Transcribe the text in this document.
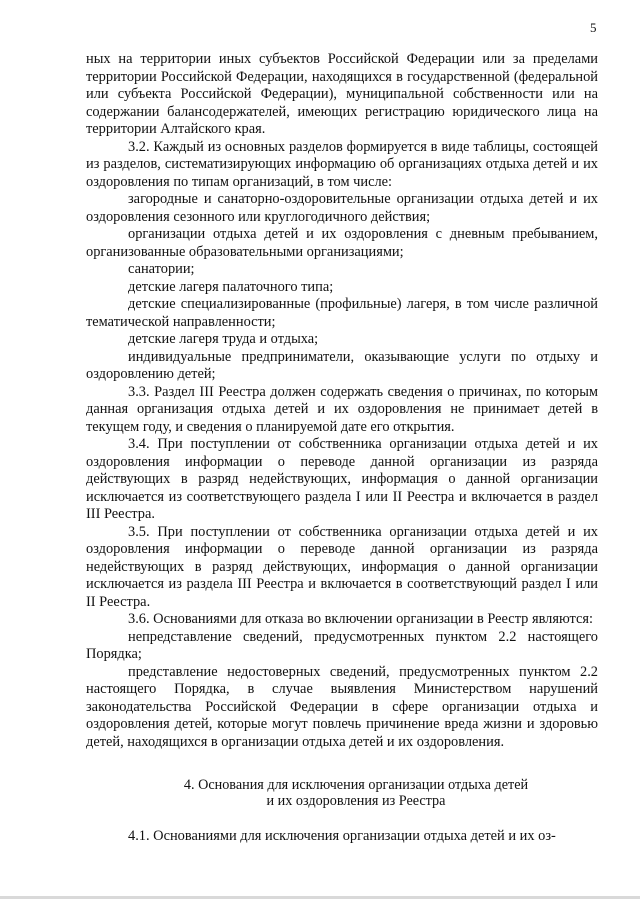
5

ных на территории иных субъектов Российской Федерации или за пределами территории Российской Федерации, находящихся в государственной (федеральной или субъекта Российской Федерации), муниципальной собственности или на содержании балансодержателей, имеющих регистрацию юридического лица на территории Алтайского края.

3.2. Каждый из основных разделов формируется в виде таблицы, состоящей из разделов, систематизирующих информацию об организациях отдыха детей и их оздоровления по типам организаций, в том числе:

загородные и санаторно-оздоровительные организации отдыха детей и их оздоровления сезонного или круглогодичного действия;

организации отдыха детей и их оздоровления с дневным пребыванием, организованные образовательными организациями;

санатории;

детские лагеря палаточного типа;

детские специализированные (профильные) лагеря, в том числе различной тематической направленности;

детские лагеря труда и отдыха;

индивидуальные предприниматели, оказывающие услуги по отдыху и оздоровлению детей;

3.3. Раздел III Реестра должен содержать сведения о причинах, по которым данная организация отдыха детей и их оздоровления не принимает детей в текущем году, и сведения о планируемой дате его открытия.

3.4. При поступлении от собственника организации отдыха детей и их оздоровления информации о переводе данной организации из разряда действующих в разряд недействующих, информация о данной организации исключается из соответствующего раздела I или II Реестра и включается в раздел III Реестра.

3.5. При поступлении от собственника организации отдыха детей и их оздоровления информации о переводе данной организации из разряда недействующих в разряд действующих, информация о данной организации исключается из раздела III Реестра и включается в соответствующий раздел I или II Реестра.

3.6. Основаниями для отказа во включении организации в Реестр являются:

непредставление сведений, предусмотренных пунктом 2.2 настоящего Порядка;

представление недостоверных сведений, предусмотренных пунктом 2.2 настоящего Порядка, в случае выявления Министерством нарушений законодательства Российской Федерации в сфере организации отдыха и оздоровления детей, которые могут повлечь причинение вреда жизни и здоровью детей, находящихся в организации отдыха детей и их оздоровления.

4. Основания для исключения организации отдыха детей
и их оздоровления из Реестра

4.1. Основаниями для исключения организации отдыха детей и их оз-
